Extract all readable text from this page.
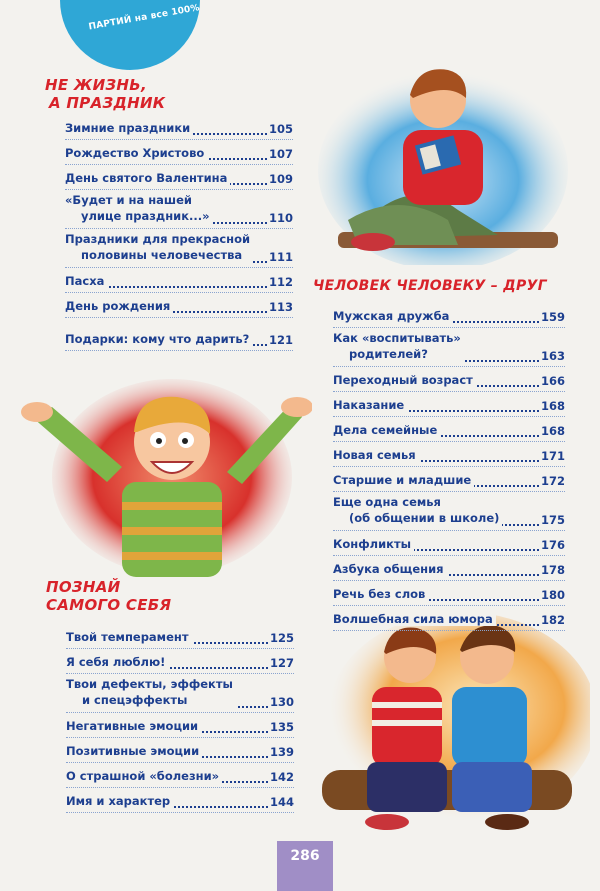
ПАРТИЙ на все 100%
НЕ ЖИЗНЬ,
А ПРАЗДНИК
Зимние праздники	105
Рождество Христово	107
День святого Валентина	109
«Будет и на нашей
улице праздник...»	110
Праздники для прекрасной
половины человечества	111
Пасха	112
День рождения	113
Подарки: кому что дарить? 121
ЧЕЛОВЕК ЧЕЛОВЕКУ – ДРУГ
Мужская дружба	159
Как «воспитывать»
родителей?	163
Переходный возраст	166
Наказание	168
Дела семейные	168
Новая семья	171
Старшие и младшие	172
Еще одна семья
(об общении в школе)	175
Конфликты	176
Азбука общения	178
Речь без слов	180
Волшебная сила юмора	182
ПОЗНАЙ
САМОГО СЕБЯ
Твой темперамент	125
Я себя люблю!	127
Твои дефекты, эффекты
и спецэффекты	130
Негативные эмоции	135
Позитивные эмоции	139
О страшной «болезни»	142
Имя и характер	144
286
